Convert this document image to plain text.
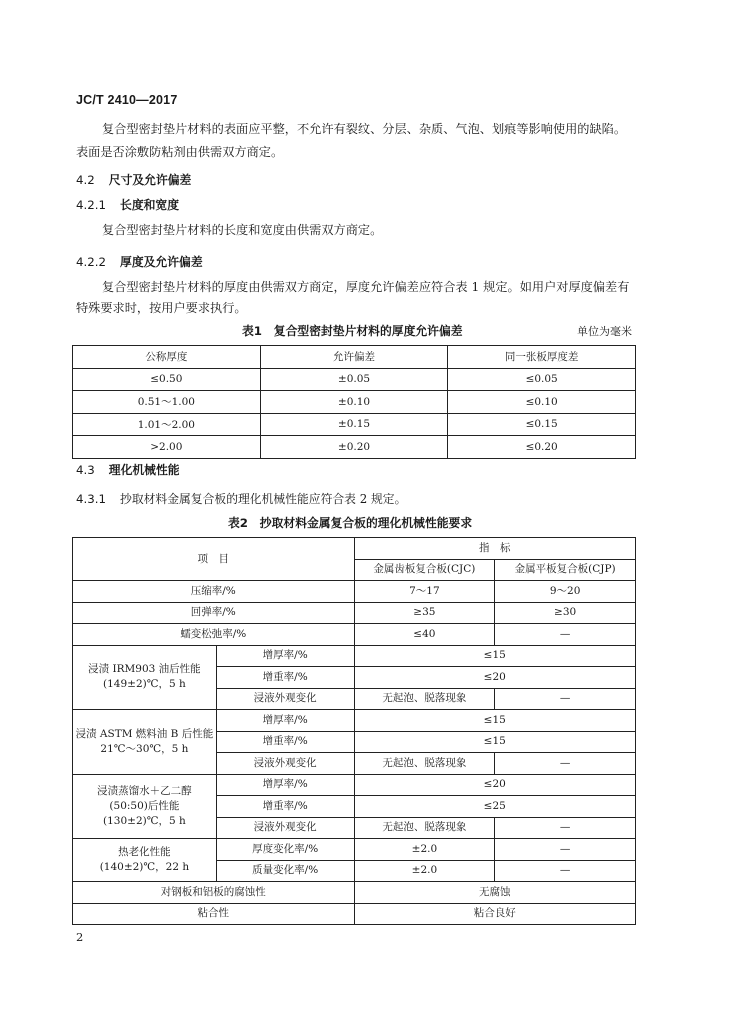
JC/T 2410—2017
复合型密封垫片材料的表面应平整，不允许有裂纹、分层、杂质、气泡、划痕等影响使用的缺陷。
表面是否涂敷防粘剂由供需双方商定。
4.2 尺寸及允许偏差
4.2.1 长度和宽度
复合型密封垫片材料的长度和宽度由供需双方商定。
4.2.2 厚度及允许偏差
复合型密封垫片材料的厚度由供需双方商定，厚度允许偏差应符合表 1 规定。如用户对厚度偏差有
特殊要求时，按用户要求执行。
表1　复合型密封垫片材料的厚度允许偏差	单位为毫米
公称厚度	允许偏差	同一张板厚度差
≤0.50	±0.05	≤0.05
0.51～1.00	±0.10	≤0.10
1.01～2.00	±0.15	≤0.15
>2.00	±0.20	≤0.20
4.3 理化机械性能
4.3.1 抄取材料金属复合板的理化机械性能应符合表 2 规定。
表2　抄取材料金属复合板的理化机械性能要求
项　目		指　标	
		金属齿板复合板(CJC)	金属平板复合板(CJP)
压缩率/%		7～17	9～20
回弹率/%		≥35	≥30
蠕变松弛率/%		≤40	—

浸渍 IRM903 油后性能
(149±2)℃，5 h	增厚率/%	≤15	
	增重率/%	≤20	
	浸液外观变化	无起泡、脱落现象	—

浸渍 ASTM 燃料油 B 后性能
21℃～30℃，5 h	增厚率/%	≤15	
	增重率/%	≤15	
	浸液外观变化	无起泡、脱落现象	—

浸渍蒸馏水＋乙二醇
(50:50)后性能
(130±2)℃，5 h	增厚率/%	≤20	
	增重率/%	≤25	
	浸液外观变化	无起泡、脱落现象	—

热老化性能
(140±2)℃，22 h	厚度变化率/%	±2.0	—
	质量变化率/%	±2.0	—
对钢板和铝板的腐蚀性		无腐蚀	
粘合性		粘合良好	
2
